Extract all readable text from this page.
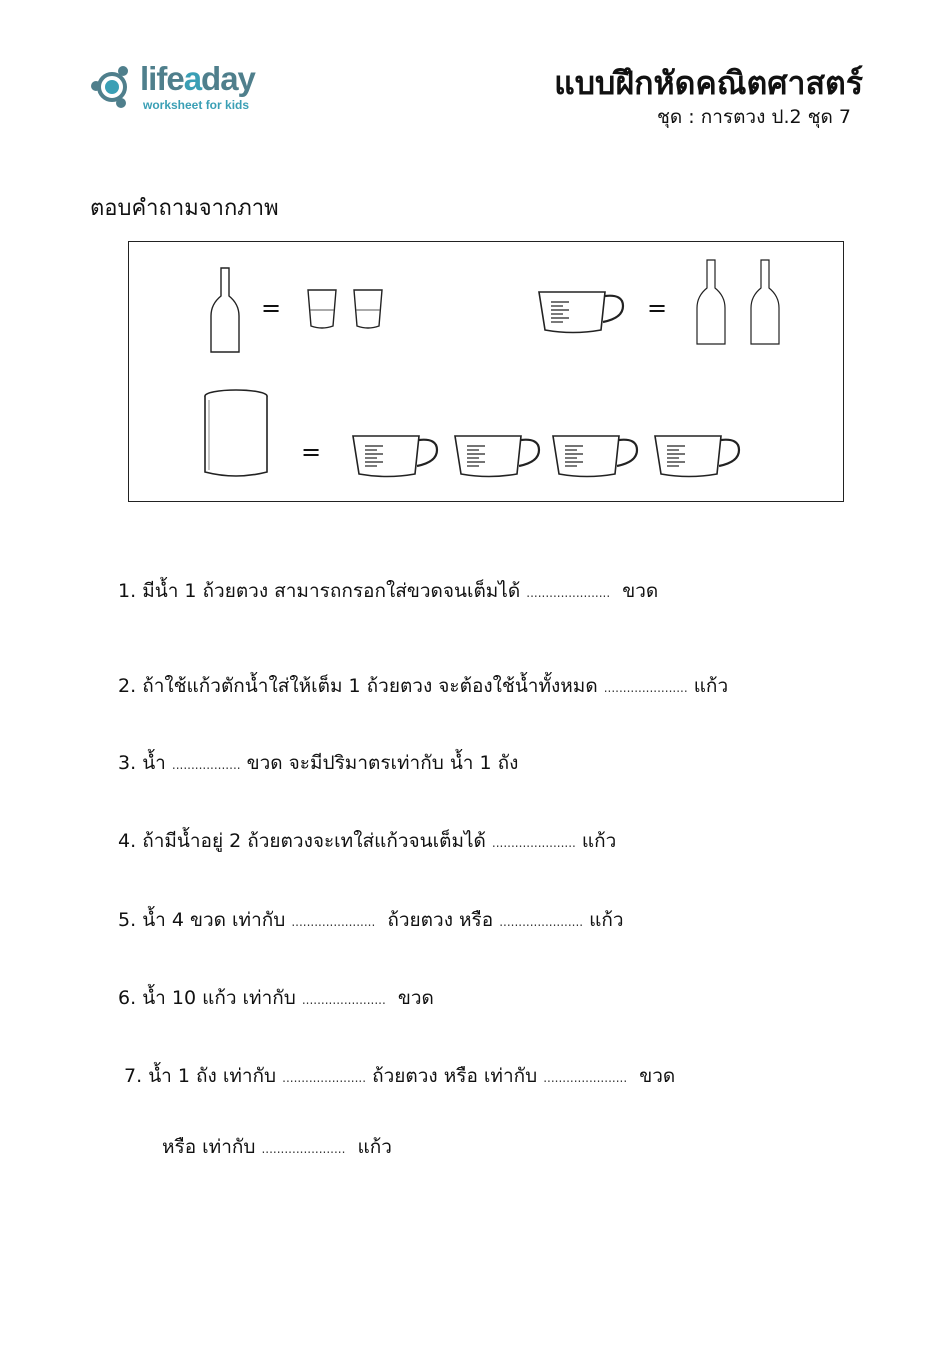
lifeaday
worksheet for kids
แบบฝึกหัดคณิตศาสตร์
ชุด : การตวง ป.2 ชุด 7
ตอบคำถามจากภาพ
=	=
=
1. มีน้ำ 1 ถ้วยตวง สามารถกรอกใส่ขวดจนเต็มได้ ...................... ขวด
2. ถ้าใช้แก้วตักน้ำใส่ให้เต็ม 1 ถ้วยตวง จะต้องใช้น้ำทั้งหมด ...................... แก้ว
3. น้ำ .................. ขวด จะมีปริมาตรเท่ากับ น้ำ 1 ถัง
4. ถ้ามีน้ำอยู่ 2 ถ้วยตวงจะเทใส่แก้วจนเต็มได้ ...................... แก้ว
5. น้ำ 4 ขวด เท่ากับ ...................... ถ้วยตวง หรือ ...................... แก้ว
6. น้ำ 10 แก้ว เท่ากับ ...................... ขวด
7. น้ำ 1 ถัง เท่ากับ ...................... ถ้วยตวง หรือ เท่ากับ ...................... ขวด
หรือ เท่ากับ ...................... แก้ว
